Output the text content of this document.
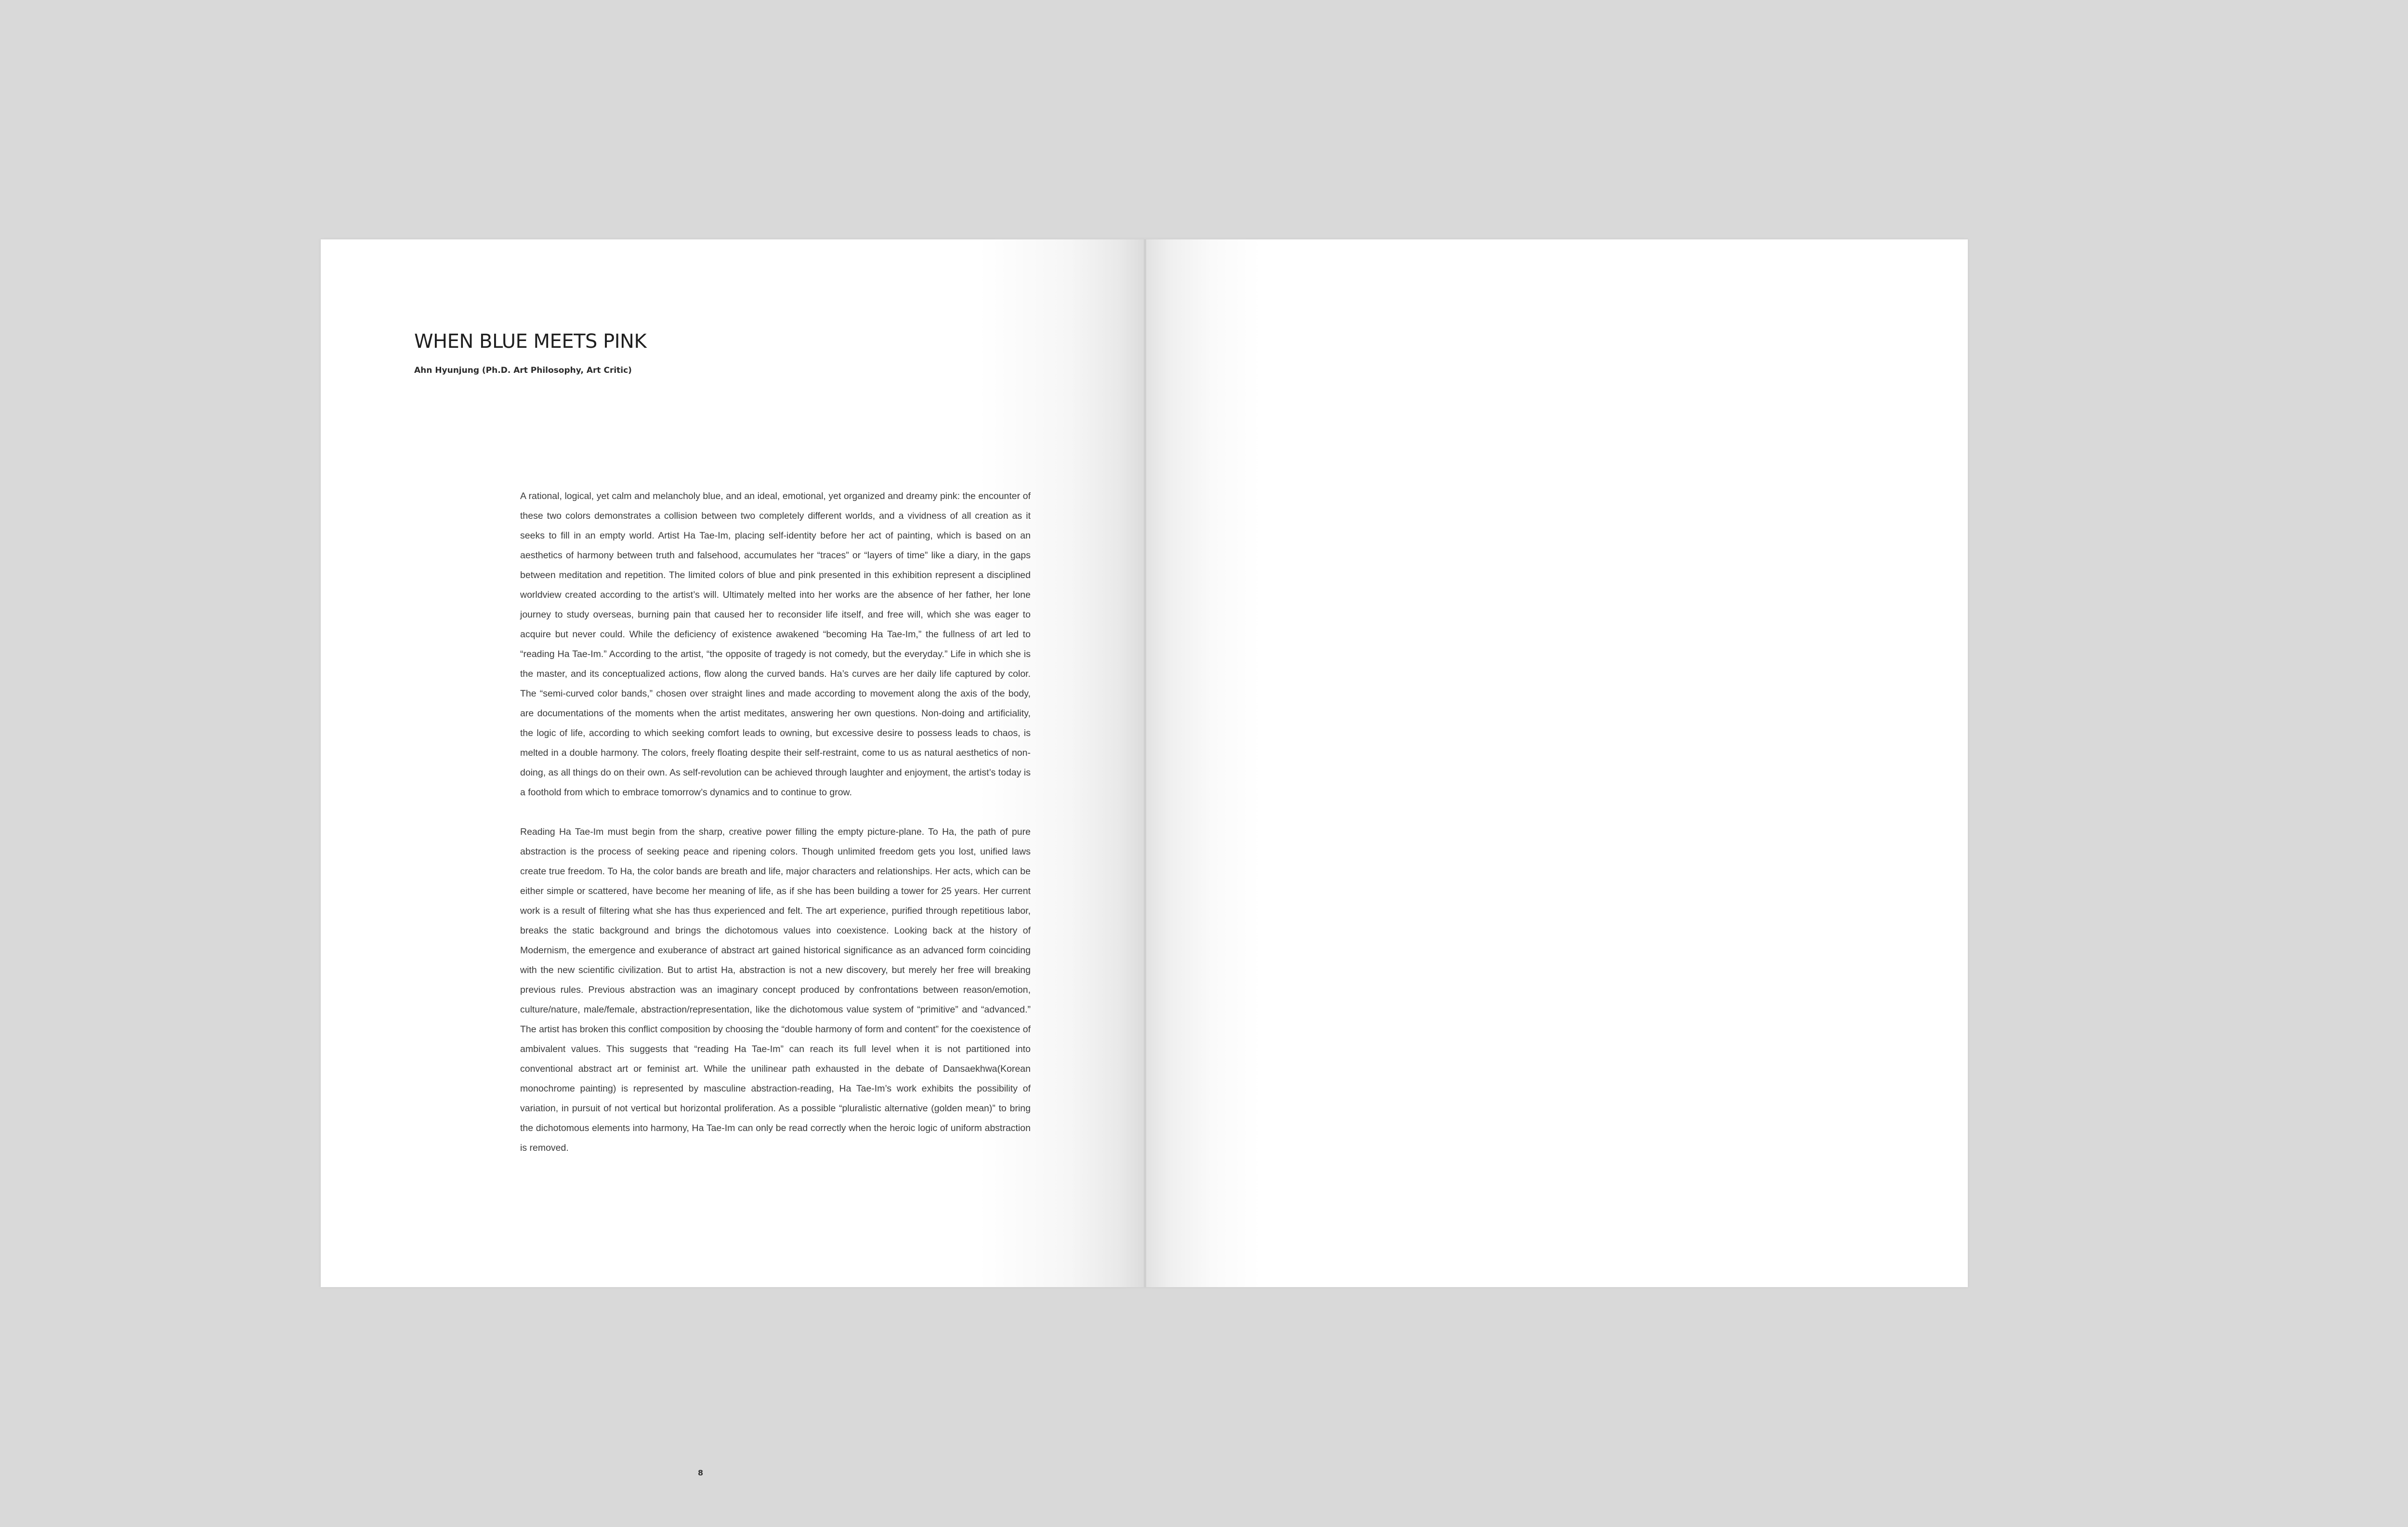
WHEN BLUE MEETS PINK

Ahn Hyunjung (Ph.D. Art Philosophy, Art Critic)

A rational, logical, yet calm and melancholy blue, and an ideal, emotional, yet organized and dreamy pink: the encounter of these two colors demonstrates a collision between two completely different worlds, and a vividness of all creation as it seeks to fill in an empty world. Artist Ha Tae-Im, placing self-identity before her act of painting, which is based on an aesthetics of harmony between truth and falsehood, accumulates her “traces” or “layers of time” like a diary, in the gaps between meditation and repetition. The limited colors of blue and pink presented in this exhibition represent a disciplined worldview created according to the artist’s will. Ultimately melted into her works are the absence of her father, her lone journey to study overseas, burning pain that caused her to reconsider life itself, and free will, which she was eager to acquire but never could. While the deficiency of existence awakened “becoming Ha Tae-Im,” the fullness of art led to “reading Ha Tae-Im.” According to the artist, “the opposite of tragedy is not comedy, but the everyday.” Life in which she is the master, and its conceptualized actions, flow along the curved bands. Ha’s curves are her daily life captured by color. The “semi-curved color bands,” chosen over straight lines and made according to movement along the axis of the body, are documentations of the moments when the artist meditates, answering her own questions. Non-doing and artificiality, the logic of life, according to which seeking comfort leads to owning, but excessive desire to possess leads to chaos, is melted in a double harmony. The colors, freely floating despite their self-restraint, come to us as natural aesthetics of non-doing, as all things do on their own. As self-revolution can be achieved through laughter and enjoyment, the artist’s today is a foothold from which to embrace tomorrow’s dynamics and to continue to grow.

Reading Ha Tae-Im must begin from the sharp, creative power filling the empty picture-plane. To Ha, the path of pure abstraction is the process of seeking peace and ripening colors. Though unlimited freedom gets you lost, unified laws create true freedom. To Ha, the color bands are breath and life, major characters and relationships. Her acts, which can be either simple or scattered, have become her meaning of life, as if she has been building a tower for 25 years. Her current work is a result of filtering what she has thus experienced and felt. The art experience, purified through repetitious labor, breaks the static background and brings the dichotomous values into coexistence. Looking back at the history of Modernism, the emergence and exuberance of abstract art gained historical significance as an advanced form coinciding with the new scientific civilization. But to artist Ha, abstraction is not a new discovery, but merely her free will breaking previous rules. Previous abstraction was an imaginary concept produced by confrontations between reason/emotion, culture/nature, male/female, abstraction/representation, like the dichotomous value system of “primitive” and “advanced.” The artist has broken this conflict composition by choosing the “double harmony of form and content” for the coexistence of ambivalent values. This suggests that “reading Ha Tae-Im” can reach its full level when it is not partitioned into conventional abstract art or feminist art. While the unilinear path exhausted in the debate of Dansaekhwa(Korean monochrome painting) is represented by masculine abstraction-reading, Ha Tae-Im’s work exhibits the possibility of variation, in pursuit of not vertical but horizontal proliferation. As a possible “pluralistic alternative (golden mean)” to bring the dichotomous elements into harmony, Ha Tae-Im can only be read correctly when the heroic logic of uniform abstraction is removed.

8
